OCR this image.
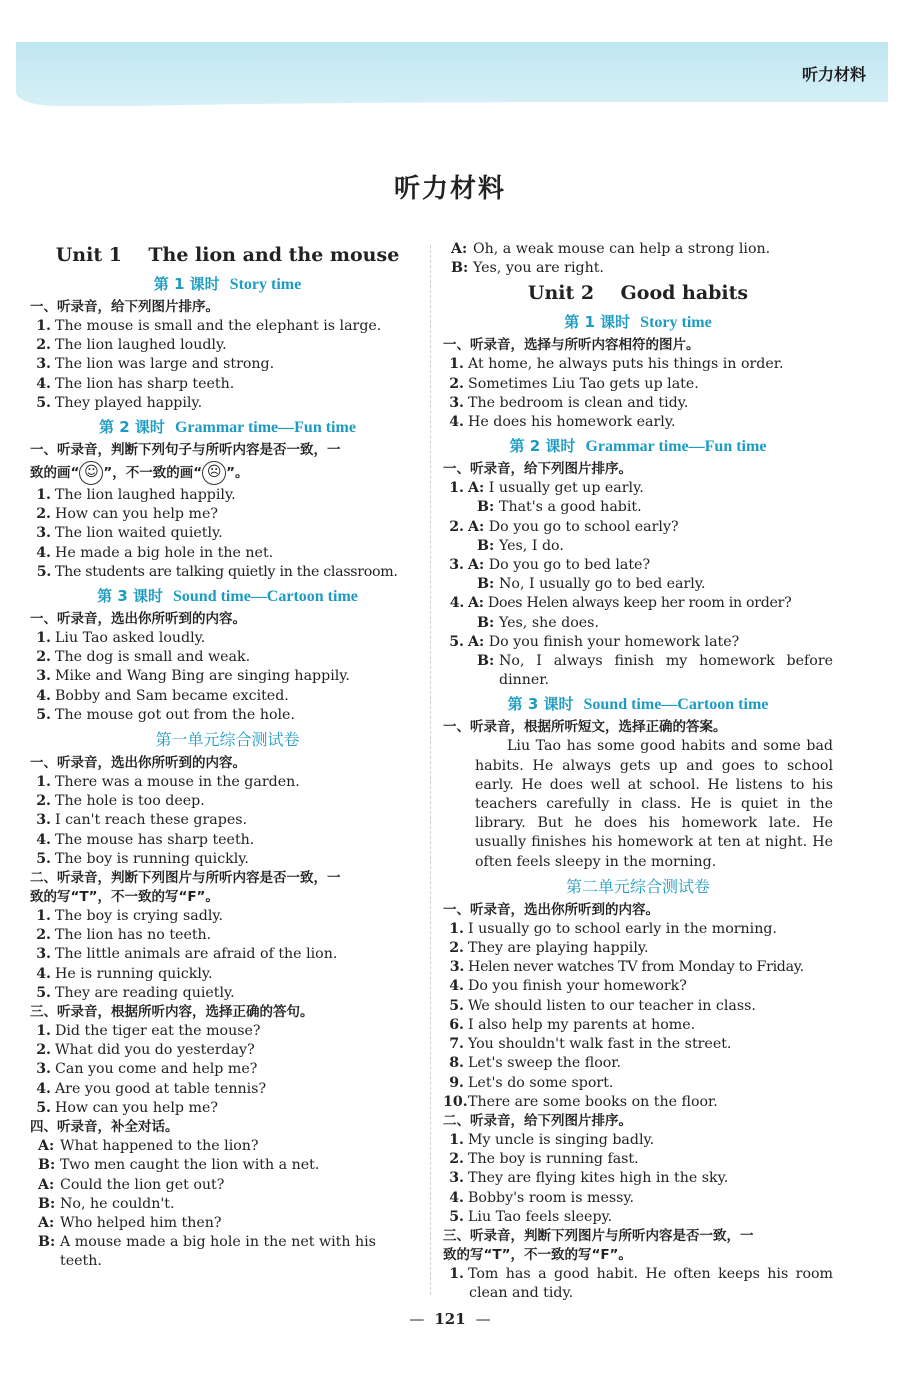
听力材料
听力材料
Unit 1    The lion and the mouse
第 1 课时 Story time
一、听录音，给下列图片排序。
1. The mouse is small and the elephant is large.
2. The lion laughed loudly.
3. The lion was large and strong.
4. The lion has sharp teeth.
5. They played happily.
第 2 课时 Grammar time—Fun time
一、听录音，判断下列句子与所听内容是否一致，一
致的画“ ☺ ”，不一致的画“ ☹ ”。
1. The lion laughed happily.
2. How can you help me?
3. The lion waited quietly.
4. He made a big hole in the net.
5. The students are talking quietly in the classroom.
第 3 课时 Sound time—Cartoon time
一、听录音，选出你所听到的内容。
1. Liu Tao asked loudly.
2. The dog is small and weak.
3. Mike and Wang Bing are singing happily.
4. Bobby and Sam became excited.
5. The mouse got out from the hole.
第一单元综合测试卷
一、听录音，选出你所听到的内容。
1. There was a mouse in the garden.
2. The hole is too deep.
3. I can't reach these grapes.
4. The mouse has sharp teeth.
5. The boy is running quickly.
二、听录音，判断下列图片与所听内容是否一致，一
致的写“T”，不一致的写“F”。
1. The boy is crying sadly.
2. The lion has no teeth.
3. The little animals are afraid of the lion.
4. He is running quickly.
5. They are reading quietly.
三、听录音，根据所听内容，选择正确的答句。
1. Did the tiger eat the mouse?
2. What did you do yesterday?
3. Can you come and help me?
4. Are you good at table tennis?
5. How can you help me?
四、听录音，补全对话。
A: What happened to the lion?
B: Two men caught the lion with a net.
A: Could the lion get out?
B: No, he couldn't.
A: Who helped him then?
B: A mouse made a big hole in the net with his teeth.
A: Oh, a weak mouse can help a strong lion.
B: Yes, you are right.
Unit 2    Good habits
第 1 课时 Story time
一、听录音，选择与所听内容相符的图片。
1. At home, he always puts his things in order.
2. Sometimes Liu Tao gets up late.
3. The bedroom is clean and tidy.
4. He does his homework early.
第 2 课时 Grammar time—Fun time
一、听录音，给下列图片排序。
1. A: I usually get up early.
B: That's a good habit.
2. A: Do you go to school early?
B: Yes, I do.
3. A: Do you go to bed late?
B: No, I usually go to bed early.
4. A: Does Helen always keep her room in order?
B: Yes, she does.
5. A: Do you finish your homework late?
B: No, I always finish my homework before dinner.
第 3 课时 Sound time—Cartoon time
一、听录音，根据所听短文，选择正确的答案。
Liu Tao has some good habits and some bad habits. He always gets up and goes to school early. He does well at school. He listens to his teachers carefully in class. He is quiet in the library. But he does his homework late. He usually finishes his homework at ten at night. He often feels sleepy in the morning.
第二单元综合测试卷
一、听录音，选出你所听到的内容。
1. I usually go to school early in the morning.
2. They are playing happily.
3. Helen never watches TV from Monday to Friday.
4. Do you finish your homework?
5. We should listen to our teacher in class.
6. I also help my parents at home.
7. You shouldn't walk fast in the street.
8. Let's sweep the floor.
9. Let's do some sport.
10.There are some books on the floor.
二、听录音，给下列图片排序。
1. My uncle is singing badly.
2. The boy is running fast.
3. They are flying kites high in the sky.
4. Bobby's room is messy.
5. Liu Tao feels sleepy.
三、听录音，判断下列图片与所听内容是否一致，一
致的写“T”，不一致的写“F”。
1. Tom has a good habit. He often keeps his room clean and tidy.
— 121 —
